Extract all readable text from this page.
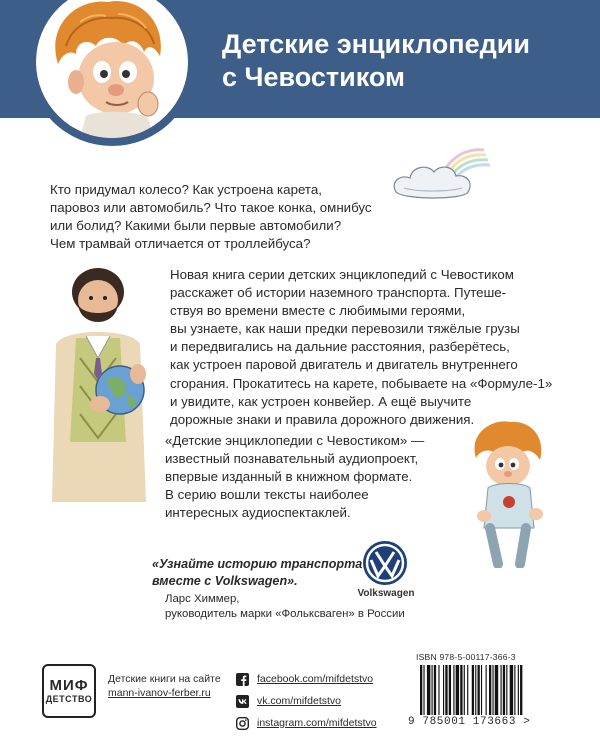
Детские энциклопедии
с Чевостиком
Кто придумал колесо? Как устроена карета,
паровоз или автомобиль? Что такое конка, омнибус
или болид? Какими были первые автомобили?
Чем трамвай отличается от троллейбуса?
Новая книга серии детских энциклопедий с Чевостиком
расскажет об истории наземного транспорта. Путеше-
ствуя во времени вместе с любимыми героями,
вы узнаете, как наши предки перевозили тяжёлые грузы
и передвигались на дальние расстояния, разберётесь,
как устроен паровой двигатель и двигатель внутреннего
сгорания. Прокатитесь на карете, побываете на «Формуле-1»
и увидите, как устроен конвейер. А ещё выучите
дорожные знаки и правила дорожного движения.
«Детские энциклопедии с Чевостиком» —
известный познавательный аудиопроект,
впервые изданный в книжном формате.
В серию вошли тексты наиболее
интересных аудиоспектаклей.
«Узнайте историю транспорта
вместе с Volkswagen».
Ларс Химмер,
руководитель марки «Фольксваген» в России
Volkswagen
МИФ
ДЕТСТВО
Детские книги на сайте
mann-ivanov-ferber.ru
facebook.com/mifdetstvo
vk.com/mifdetstvo
instagram.com/mifdetstvo
ISBN 978-5-00117-366-3
9 785001 173663 >
